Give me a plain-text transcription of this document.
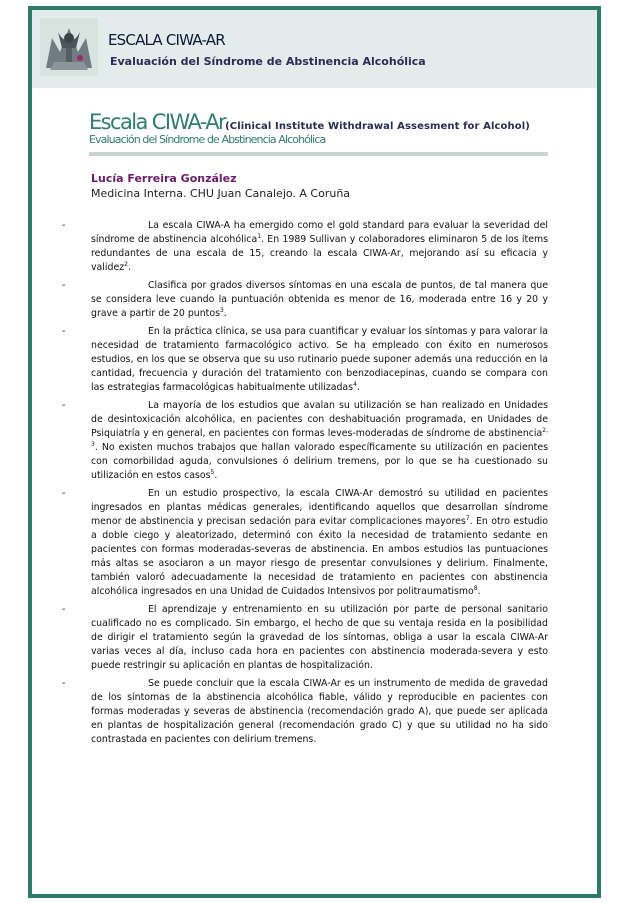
ESCALA CIWA-AR
Evaluación del Síndrome de Abstinencia Alcohólica
Escala CIWA-Ar(Clinical Institute Withdrawal Assesment for Alcohol)
Evaluación del Síndrome de Abstinencia Alcohólica
Lucía Ferreira González
Medicina Interna. CHU Juan Canalejo. A Coruña
-	La escala CIWA-A ha emergido como el gold standard para evaluar la severidad del síndrome de abstinencia alcohólica$^1$. En 1989 Sullivan y colaboradores eliminaron 5 de los ítems redundantes de una escala de 15, creando la escala CIWA-Ar, mejorando así su eficacia y validez$^2$.
-	Clasifica por grados diversos síntomas en una escala de puntos, de tal manera que se considera leve cuando la puntuación obtenida es menor de 16, moderada entre 16 y 20 y grave a partir de 20 puntos$^3$.
-	En la práctica clínica, se usa para cuantificar y evaluar los síntomas y para valorar la necesidad de tratamiento farmacológico activo. Se ha empleado con éxito en numerosos estudios, en los que se observa que su uso rutinario puede suponer además una reducción en la cantidad, frecuencia y duración del tratamiento con benzodiacepinas, cuando se compara con las estrategias farmacológicas habitualmente utilizadas$^4$.
-	La mayoría de los estudios que avalan su utilización se han realizado en Unidades de desintoxicación alcohólica, en pacientes con deshabituación programada, en Unidades de Psiquiatría y en general, en pacientes con formas leves-moderadas de síndrome de abstinencia$^{2, 3}$. No existen muchos trabajos que hallan valorado específicamente su utilización en pacientes con comorbilidad aguda, convulsiones ó delirium tremens, por lo que se ha cuestionado su utilización en estos casos$^5$.
-	En un estudio prospectivo, la escala CIWA-Ar demostró su utilidad en pacientes ingresados en plantas médicas generales, identificando aquellos que desarrollan síndrome menor de abstinencia y precisan sedación para evitar complicaciones mayores$^7$. En otro estudio a doble ciego y aleatorizado, determinó con éxito la necesidad de tratamiento sedante en pacientes con formas moderadas-severas de abstinencia. En ambos estudios las puntuaciones más altas se asociaron a un mayor riesgo de presentar convulsiones y delirium. Finalmente, también valoró adecuadamente la necesidad de tratamiento en pacientes con abstinencia alcohólica ingresados en una Unidad de Cuidados Intensivos por politraumatismo$^8$.
-	El aprendizaje y entrenamiento en su utilización por parte de personal sanitario cualificado no es complicado. Sin embargo, el hecho de que su ventaja resida en la posibilidad de dirigir el tratamiento según la gravedad de los síntomas, obliga a usar la escala CIWA-Ar varias veces al día, incluso cada hora en pacientes con abstinencia moderada-severa y esto puede restringir su aplicación en plantas de hospitalización.
-	Se puede concluir que la escala CIWA-Ar es un instrumento de medida de gravedad de los síntomas de la abstinencia alcohólica fiable, válido y reproducible en pacientes con formas moderadas y severas de abstinencia (recomendación grado A), que puede ser aplicada en plantas de hospitalización general (recomendación grado C) y que su utilidad no ha sido contrastada en pacientes con delirium tremens.
